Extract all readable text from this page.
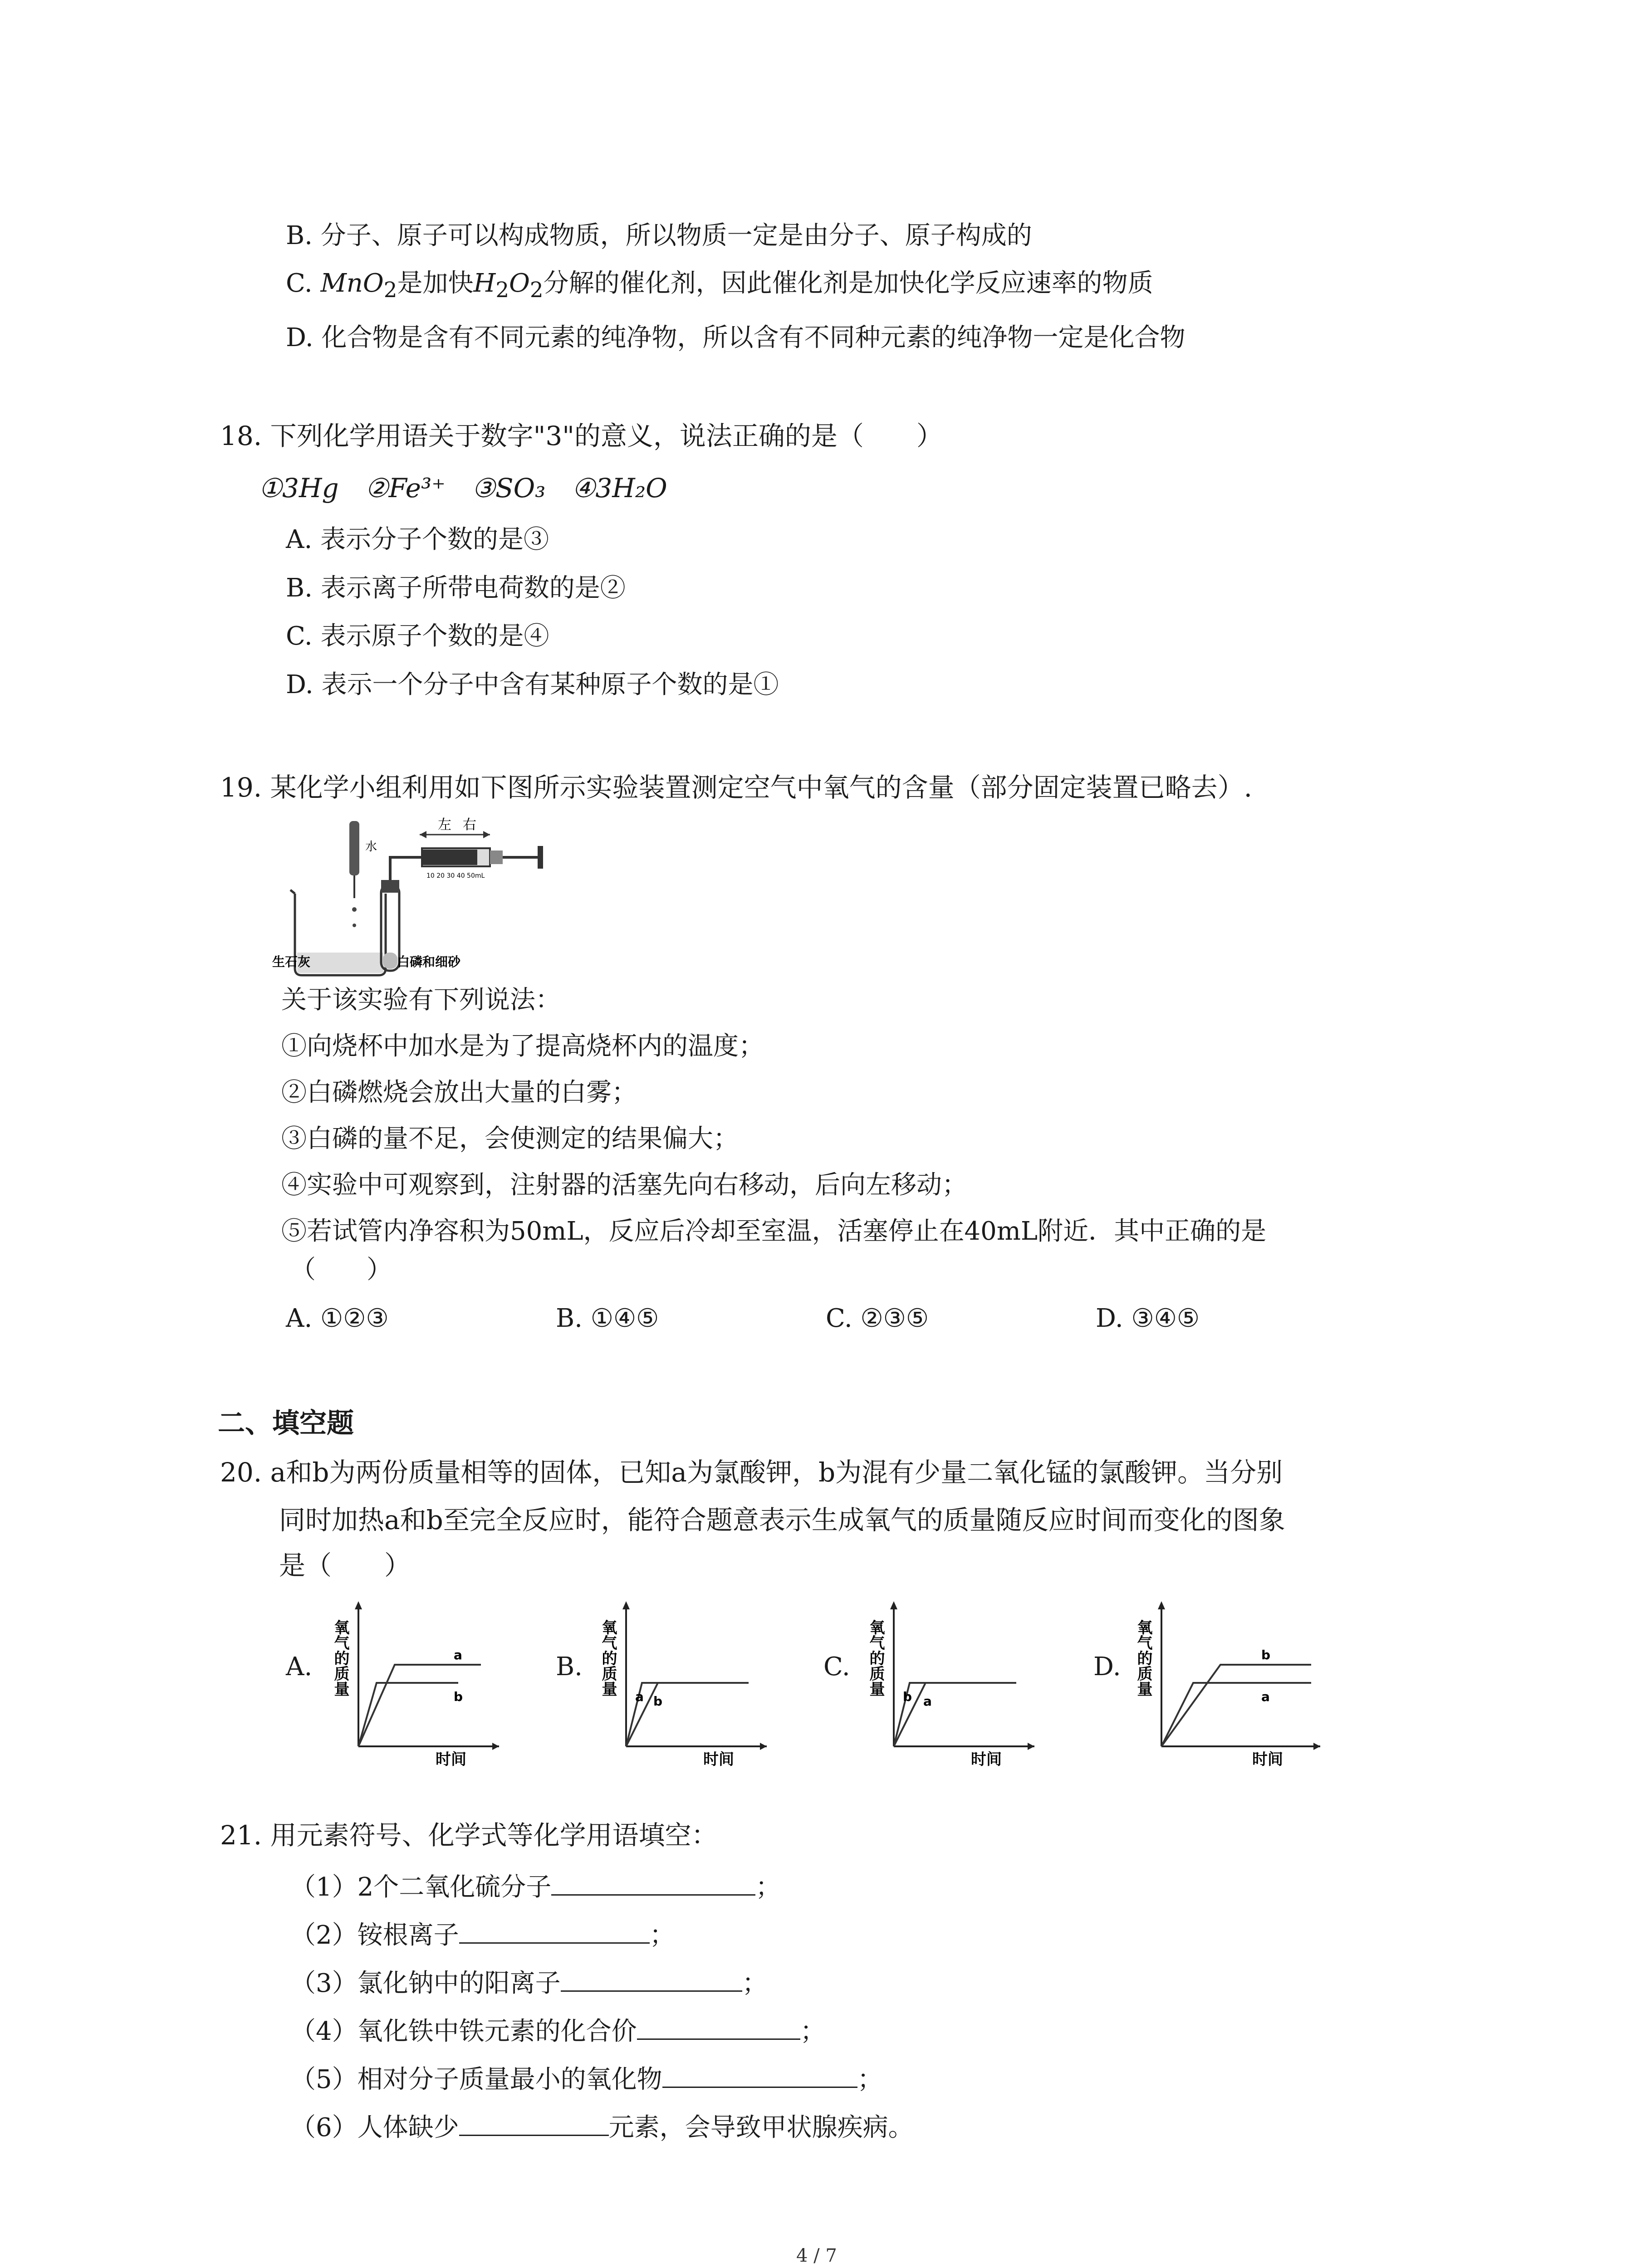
B. 分子、原子可以构成物质，所以物质一定是由分子、原子构成的
C. MnO$_2$是加快$H_2O_2$分解的催化剂，因此催化剂是加快化学反应速率的物质
D. 化合物是含有不同元素的纯净物，所以含有不同种元素的纯净物一定是化合物
18. 下列化学用语关于数字"3"的意义，说法正确的是（　　）
①3Hg　②Fe³⁺　③SO₃　④3H₂O
A. 表示分子个数的是③
B. 表示离子所带电荷数的是②
C. 表示原子个数的是④
D. 表示一个分子中含有某种原子个数的是①
19. 某化学小组利用如下图所示实验装置测定空气中氧气的含量（部分固定装置已略去）.
左 右
水
10 20 30 40 50mL
生石灰	白磷和细砂
关于该实验有下列说法：
①向烧杯中加水是为了提高烧杯内的温度；
②白磷燃烧会放出大量的白雾；
③白磷的量不足，会使测定的结果偏大；
④实验中可观察到，注射器的活塞先向右移动，后向左移动；
⑤若试管内净容积为50mL，反应后冷却至室温，活塞停止在40mL附近．其中正确的是
（　　）
A. ①②③	B. ①④⑤	C. ②③⑤	D. ③④⑤
二、填空题
20. a和b为两份质量相等的固体，已知a为氯酸钾，b为混有少量二氧化锰的氯酸钾。当分别
同时加热a和b至完全反应时，能符合题意表示生成氧气的质量随反应时间而变化的图象
是（　　）
A.	a
b
氧气的质量
时间
B.
a b
氧气的质量
时间
C.
b a
氧气的质量
时间
D.	b
a
氧气的质量
时间
21. 用元素符号、化学式等化学用语填空：
（1）2个二氧化硫分子	；
（2）铵根离子	；
（3）氯化钠中的阳离子	；
（4）氧化铁中铁元素的化合价	；
（5）相对分子质量最小的氧化物	；
（6）人体缺少	元素，会导致甲状腺疾病。
4 / 7
